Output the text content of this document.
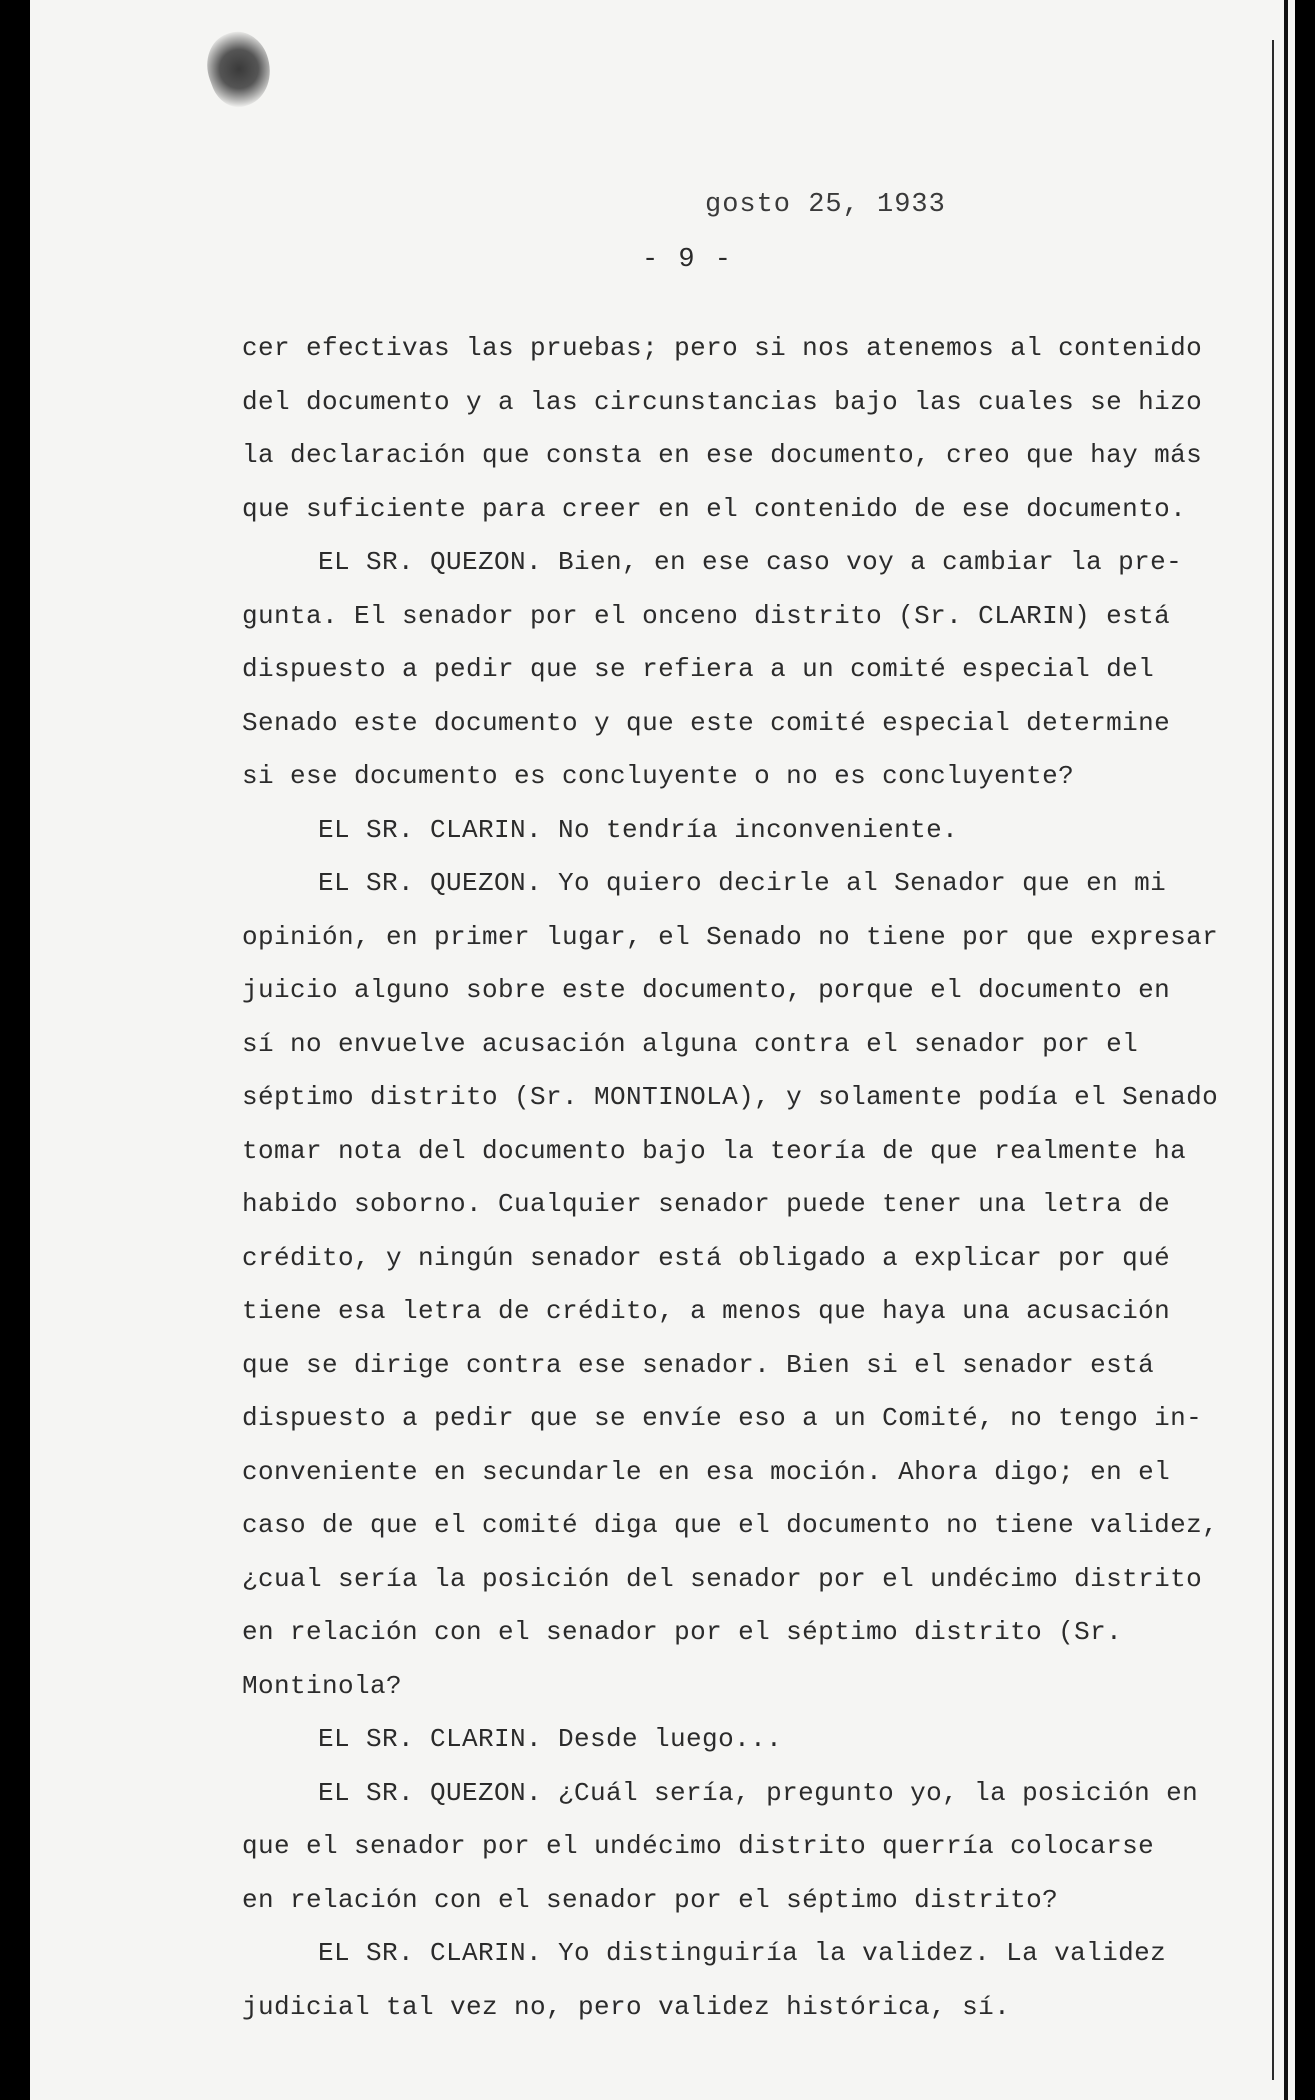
gosto 25, 1933
- 9 -
cer efectivas las pruebas; pero si nos atenemos al contenido
del documento y a las circunstancias bajo las cuales se hizo
la declaración que consta en ese documento, creo que hay más
que suficiente para creer en el contenido de ese documento.
EL SR. QUEZON. Bien, en ese caso voy a cambiar la pre-
gunta. El senador por el onceno distrito (Sr. CLARIN) está
dispuesto a pedir que se refiera a un comité especial del
Senado este documento y que este comité especial determine
si ese documento es concluyente o no es concluyente?
EL SR. CLARIN. No tendría inconveniente.
EL SR. QUEZON. Yo quiero decirle al Senador que en mi
opinión, en primer lugar, el Senado no tiene por que expresar
juicio alguno sobre este documento, porque el documento en
sí no envuelve acusación alguna contra el senador por el
séptimo distrito (Sr. MONTINOLA), y solamente podía el Senado
tomar nota del documento bajo la teoría de que realmente ha
habido soborno. Cualquier senador puede tener una letra de
crédito, y ningún senador está obligado a explicar por qué
tiene esa letra de crédito, a menos que haya una acusación
que se dirige contra ese senador. Bien si el senador está
dispuesto a pedir que se envíe eso a un Comité, no tengo in-
conveniente en secundarle en esa moción. Ahora digo; en el
caso de que el comité diga que el documento no tiene validez,
¿cual sería la posición del senador por el undécimo distrito
en relación con el senador por el séptimo distrito (Sr.
Montinola?
EL SR. CLARIN. Desde luego...
EL SR. QUEZON. ¿Cuál sería, pregunto yo, la posición en
que el senador por el undécimo distrito querría colocarse
en relación con el senador por el séptimo distrito?
EL SR. CLARIN. Yo distinguiría la validez. La validez
judicial tal vez no, pero validez histórica, sí.
